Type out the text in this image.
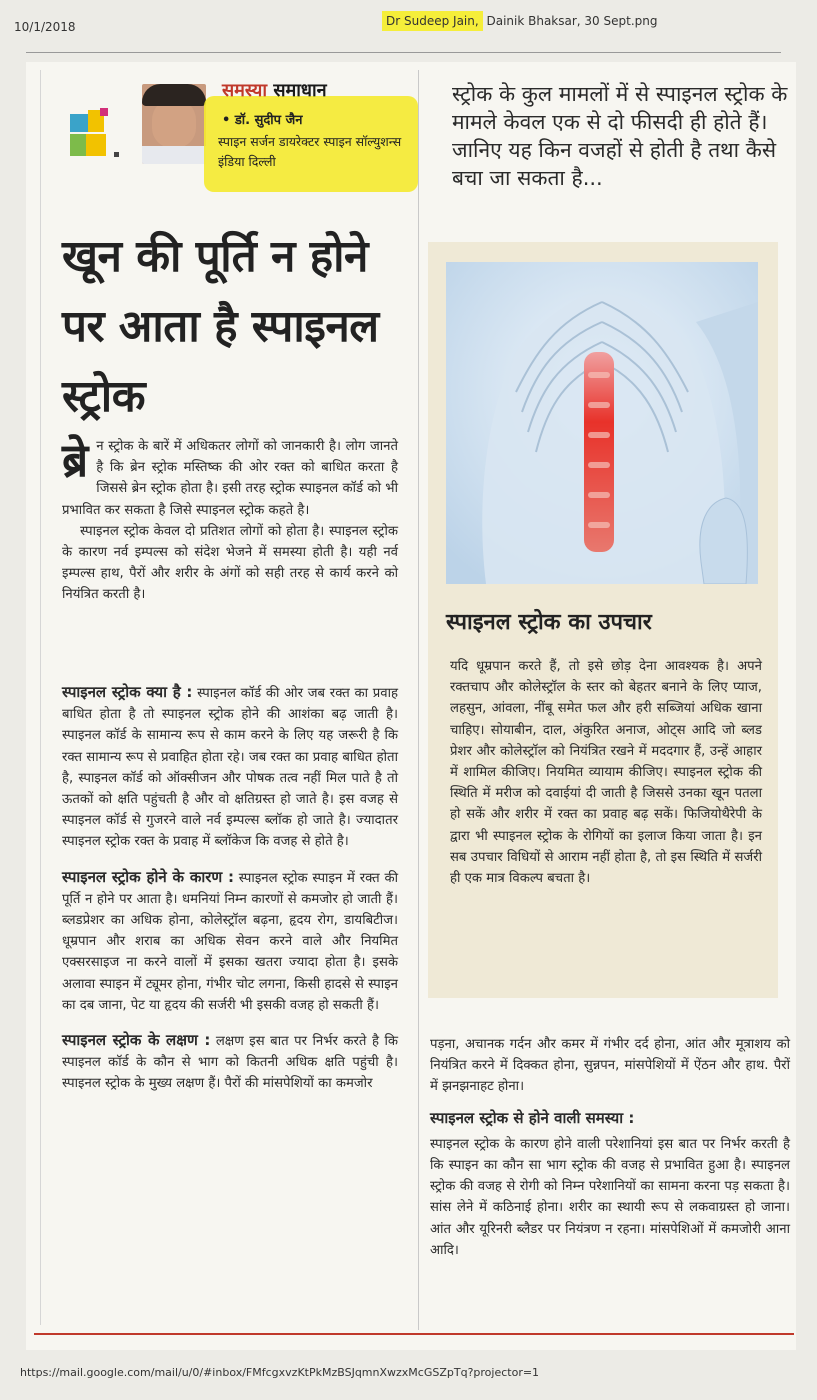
10/1/2018	Dr Sudeep Jain, Dainik Bhaksar, 30 Sept.png
समस्या समाधान
• डॉ. सुदीप जैन
स्पाइन सर्जन डायरेक्टर स्पाइन सॉल्युशन्स इंडिया दिल्ली
खून की पूर्ति न होने पर आता है स्पाइनल स्ट्रोक
ब्रे न स्ट्रोक के बारें में अधिकतर लोगों को जानकारी है। लोग जानते है कि ब्रेन स्ट्रोक मस्तिष्क की ओर रक्त को बाधित करता है जिससे ब्रेन स्ट्रोक होता है। इसी तरह स्ट्रोक स्पाइनल कॉर्ड को भी प्रभावित कर सकता है जिसे स्पाइनल स्ट्रोक कहते है।

स्पाइनल स्ट्रोक केवल दो प्रतिशत लोगों को होता है। स्पाइनल स्ट्रोक के कारण नर्व इम्पल्स को संदेश भेजने में समस्या होती है। यही नर्व इम्पल्स हाथ, पैरों और शरीर के अंगों को सही तरह से कार्य करने को नियंत्रित करती है।

स्पाइनल स्ट्रोक क्या है : स्पाइनल कॉर्ड की ओर जब रक्त का प्रवाह बाधित होता है तो स्पाइनल स्ट्रोक होने की आशंका बढ़ जाती है। स्पाइनल कॉर्ड के सामान्य रूप से काम करने के लिए यह जरूरी है कि रक्त सामान्य रूप से प्रवाहित होता रहे। जब रक्त का प्रवाह बाधित होता है, स्पाइनल कॉर्ड को ऑक्सीजन और पोषक तत्व नहीं मिल पाते है तो ऊतकों को क्षति पहुंचती है और वो क्षतिग्रस्त हो जाते है। इस वजह से स्पाइनल कॉर्ड से गुजरने वाले नर्व इम्पल्स ब्लॉक हो जाते है। ज्यादातर स्पाइनल स्ट्रोक रक्त के प्रवाह में ब्लॉकेज कि वजह से होते है।

स्पाइनल स्ट्रोक होने के कारण : स्पाइनल स्ट्रोक स्पाइन में रक्त की पूर्ति न होने पर आता है। धमनियां निम्न कारणों से कमजोर हो जाती हैं। ब्लडप्रेशर का अधिक होना, कोलेस्ट्रॉल बढ़ना, हृदय रोग, डायबिटीज। धूम्रपान और शराब का अधिक सेवन करने वाले और नियमित एक्सरसाइज ना करने वालों में इसका खतरा ज्यादा होता है। इसके अलावा स्पाइन में ट्यूमर होना, गंभीर चोट लगना, किसी हादसे से स्पाइन का दब जाना, पेट या हृदय की सर्जरी भी इसकी वजह हो सकती हैं।

स्पाइनल स्ट्रोक के लक्षण : लक्षण इस बात पर निर्भर करते है कि स्पाइनल कॉर्ड के कौन से भाग को कितनी अधिक क्षति पहुंची है। स्पाइनल स्ट्रोक के मुख्य लक्षण हैं। पैरों की मांसपेशियों का कमजोर

स्ट्रोक के कुल मामलों में से स्पाइनल स्ट्रोक के मामले केवल एक से दो फीसदी ही होते हैं। जानिए यह किन वजहों से होती है तथा कैसे बचा जा सकता है...
स्पाइनल स्ट्रोक का उपचार
यदि धूम्रपान करते हैं, तो इसे छोड़ देना आवश्यक है। अपने रक्तचाप और कोलेस्ट्रॉल के स्तर को बेहतर बनाने के लिए प्याज, लहसुन, आंवला, नींबू समेत फल और हरी सब्जियां अधिक खाना चाहिए। सोयाबीन, दाल, अंकुरित अनाज, ओट्स आदि जो ब्लड प्रेशर और कोलेस्ट्रॉल को नियंत्रित रखने में मददगार हैं, उन्हें आहार में शामिल कीजिए। नियमित व्यायाम कीजिए। स्पाइनल स्ट्रोक की स्थिति में मरीज को दवाईयां दी जाती है जिससे उनका खून पतला हो सकें और शरीर में रक्त का प्रवाह बढ़ सकें। फिजियोथैरेपी के द्वारा भी स्पाइनल स्ट्रोक के रोगियों का इलाज किया जाता है। इन सब उपचार विधियों से आराम नहीं होता है, तो इस स्थिति में सर्जरी ही एक मात्र विकल्प बचता है।

पड़ना, अचानक गर्दन और कमर में गंभीर दर्द होना, आंत और मूत्राशय को नियंत्रित करने में दिक्कत होना, सुन्नपन, मांसपेशियों में ऐंठन और हाथ. पैरों में झनझनाहट होना।

स्पाइनल स्ट्रोक से होने वाली समस्या :

स्पाइनल स्ट्रोक के कारण होने वाली परेशानियां इस बात पर निर्भर करती है कि स्पाइन का कौन सा भाग स्ट्रोक की वजह से प्रभावित हुआ है। स्पाइनल स्ट्रोक की वजह से रोगी को निम्न परेशानियों का सामना करना पड़ सकता है। सांस लेने में कठिनाई होना। शरीर का स्थायी रूप से लकवाग्रस्त हो जाना। आंत और यूरिनरी ब्लैडर पर नियंत्रण न रहना। मांसपेशिओं में कमजोरी आना आदि।

https://mail.google.com/mail/u/0/#inbox/FMfcgxvzKtPkMzBSJqmnXwzxMcGSZpTq?projector=1
